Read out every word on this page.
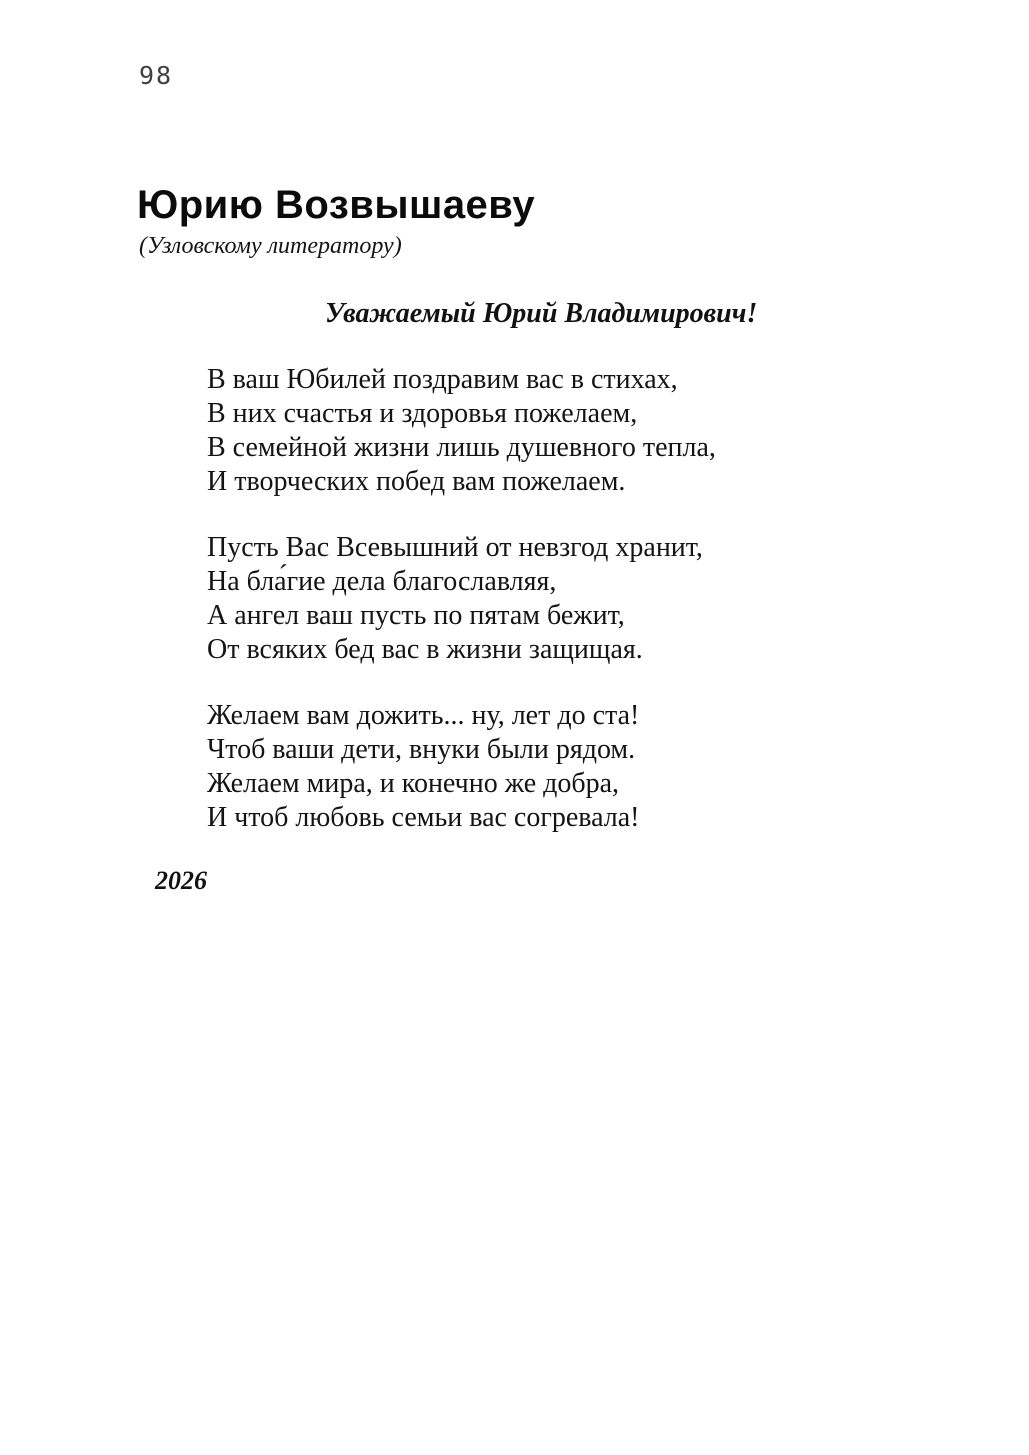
98
Юрию Возвышаеву
(Узловскому литератору)
Уважаемый Юрий Владимирович!
В ваш Юбилей поздравим вас в стихах,
В них счастья и здоровья пожелаем,
В семейной жизни лишь душевного тепла,
И творческих побед вам пожелаем.
Пусть Вас Всевышний от невзгод хранит,
На бла́гие дела благославляя,
А ангел ваш пусть по пятам бежит,
От всяких бед вас в жизни защищая.
Желаем вам дожить... ну, лет до ста!
Чтоб ваши дети, внуки были рядом.
Желаем мира, и конечно же добра,
И чтоб любовь семьи вас согревала!
2026
